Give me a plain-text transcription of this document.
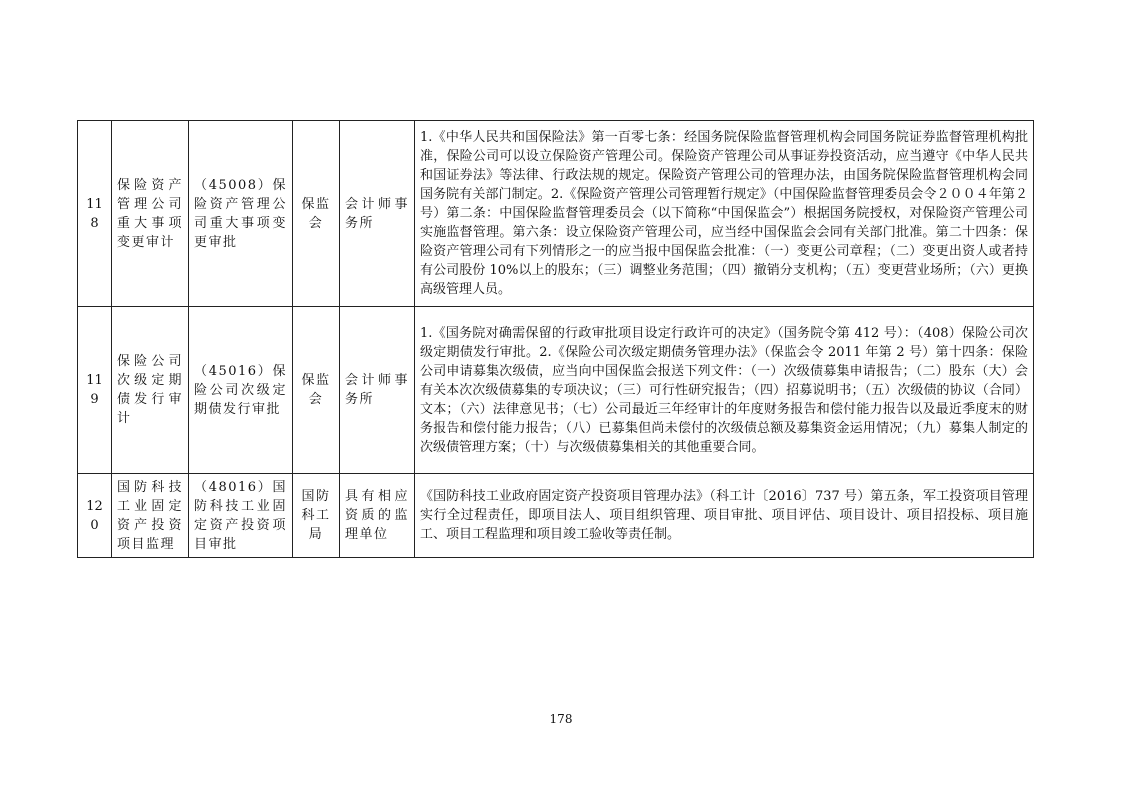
118	保险资产管理公司重大事项变更审计	（45008）保险资产管理公司重大事项变更审批	保监会	会计师事务所	1.《中华人民共和国保险法》第一百零七条：经国务院保险监督管理机构会同国务院证券监督管理机构批准，保险公司可以设立保险资产管理公司。保险资产管理公司从事证券投资活动，应当遵守《中华人民共和国证券法》等法律、行政法规的规定。保险资产管理公司的管理办法，由国务院保险监督管理机构会同国务院有关部门制定。2.《保险资产管理公司管理暂行规定》（中国保险监督管理委员会令２００４年第２号）第二条：中国保险监督管理委员会（以下简称“中国保监会”）根据国务院授权，对保险资产管理公司实施监督管理。第六条：设立保险资产管理公司，应当经中国保监会会同有关部门批准。第二十四条：保险资产管理公司有下列情形之一的应当报中国保监会批准：（一）变更公司章程；（二）变更出资人或者持有公司股份 10%以上的股东；（三）调整业务范围；（四）撤销分支机构；（五）变更营业场所；（六）更换高级管理人员。
119	保险公司次级定期债发行审计	（45016）保险公司次级定期债发行审批	保监会	会计师事务所	1.《国务院对确需保留的行政审批项目设定行政许可的决定》（国务院令第 412 号）：（408）保险公司次级定期债发行审批。2.《保险公司次级定期债务管理办法》（保监会令 2011 年第 2 号）第十四条：保险公司申请募集次级债，应当向中国保监会报送下列文件：（一）次级债募集申请报告；（二）股东（大）会有关本次次级债募集的专项决议；（三）可行性研究报告；（四）招募说明书；（五）次级债的协议（合同）文本；（六）法律意见书；（七）公司最近三年经审计的年度财务报告和偿付能力报告以及最近季度末的财务报告和偿付能力报告；（八）已募集但尚未偿付的次级债总额及募集资金运用情况；（九）募集人制定的次级债管理方案；（十）与次级债募集相关的其他重要合同。
120	国防科技工业固定资产投资项目监理	（48016）国防科技工业固定资产投资项目审批	国防科工局	具有相应资质的监理单位	《国防科技工业政府固定资产投资项目管理办法》（科工计〔2016〕737 号）第五条，军工投资项目管理实行全过程责任，即项目法人、项目组织管理、项目审批、项目评估、项目设计、项目招投标、项目施工、项目工程监理和项目竣工验收等责任制。
178
